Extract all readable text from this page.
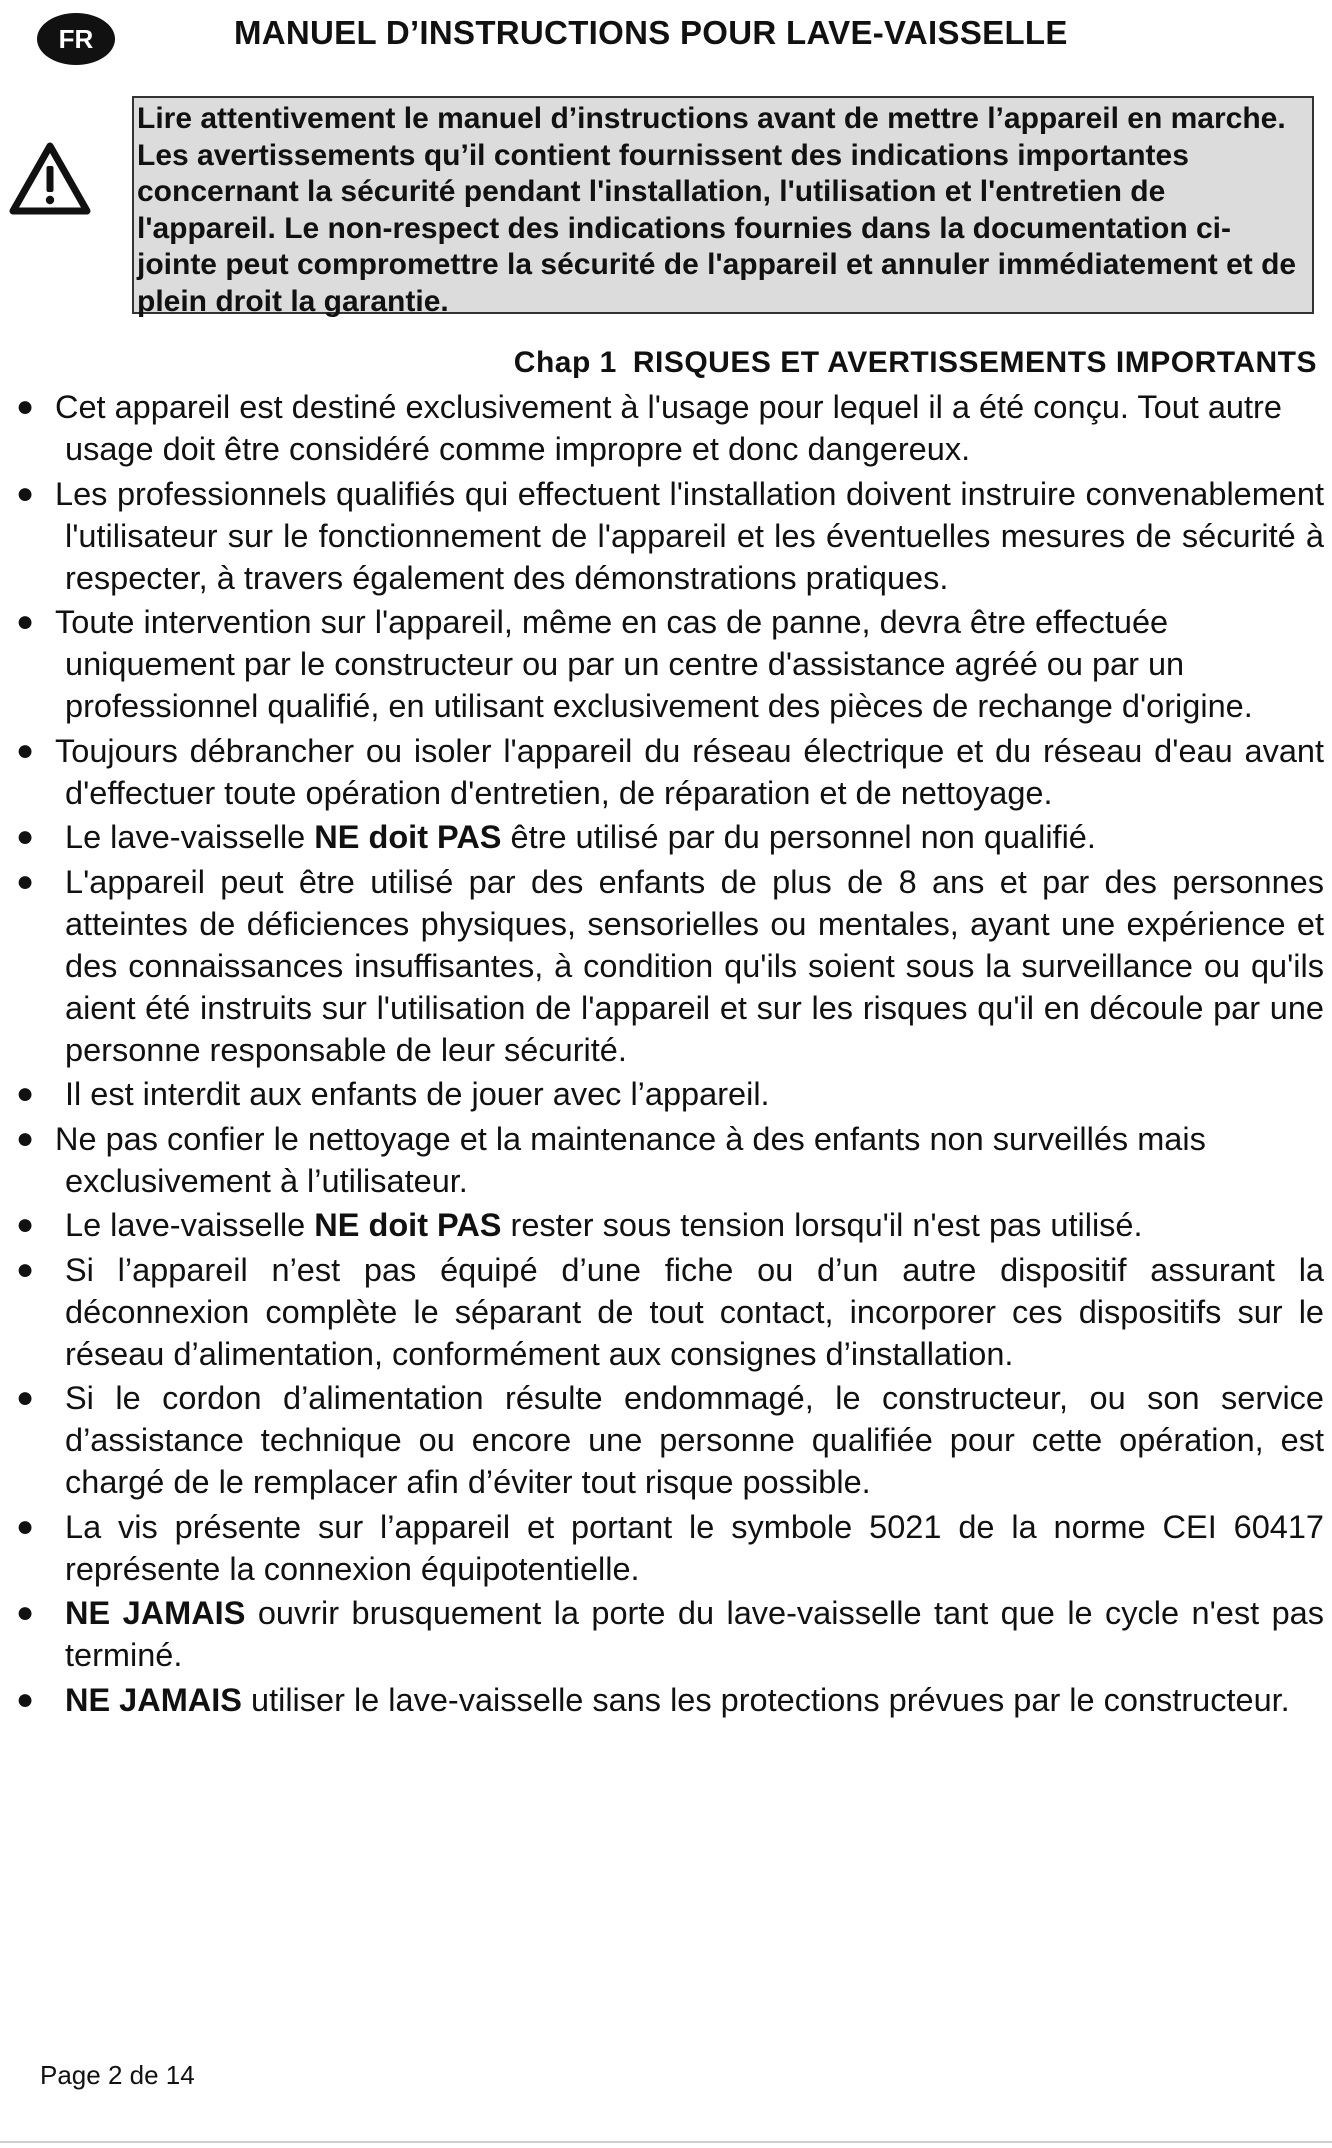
FR	MANUEL D’INSTRUCTIONS POUR LAVE-VAISSELLE
Lire attentivement le manuel d’instructions avant de mettre l’appareil en marche. Les avertissements qu’il contient fournissent des indications importantes concernant la sécurité pendant l'installation, l'utilisation et l'entretien de l'appareil. Le non-respect des indications fournies dans la documentation ci-jointe peut compromettre la sécurité de l'appareil et annuler immédiatement et de plein droit la garantie.
Chap 1 RISQUES ET AVERTISSEMENTS IMPORTANTS
● Cet appareil est destiné exclusivement à l'usage pour lequel il a été conçu. Tout autre usage doit être considéré comme impropre et donc dangereux.
● Les professionnels qualifiés qui effectuent l'installation doivent instruire convenablement l'utilisateur sur le fonctionnement de l'appareil et les éventuelles mesures de sécurité à respecter, à travers également des démonstrations pratiques.
● Toute intervention sur l'appareil, même en cas de panne, devra être effectuée uniquement par le constructeur ou par un centre d'assistance agréé ou par un professionnel qualifié, en utilisant exclusivement des pièces de rechange d'origine.
● Toujours débrancher ou isoler l'appareil du réseau électrique et du réseau d'eau avant d'effectuer toute opération d'entretien, de réparation et de nettoyage.
● Le lave-vaisselle NE doit PAS être utilisé par du personnel non qualifié.
● L'appareil peut être utilisé par des enfants de plus de 8 ans et par des personnes atteintes de déficiences physiques, sensorielles ou mentales, ayant une expérience et des connaissances insuffisantes, à condition qu'ils soient sous la surveillance ou qu'ils aient été instruits sur l'utilisation de l'appareil et sur les risques qu'il en découle par une personne responsable de leur sécurité.
● Il est interdit aux enfants de jouer avec l’appareil.
● Ne pas confier le nettoyage et la maintenance à des enfants non surveillés mais exclusivement à l’utilisateur.
● Le lave-vaisselle NE doit PAS rester sous tension lorsqu'il n'est pas utilisé.
● Si l’appareil n’est pas équipé d’une fiche ou d’un autre dispositif assurant la déconnexion complète le séparant de tout contact, incorporer ces dispositifs sur le réseau d’alimentation, conformément aux consignes d’installation.
● Si le cordon d’alimentation résulte endommagé, le constructeur, ou son service d’assistance technique ou encore une personne qualifiée pour cette opération, est chargé de le remplacer afin d’éviter tout risque possible.
● La vis présente sur l’appareil et portant le symbole 5021 de la norme CEI 60417 représente la connexion équipotentielle.
● NE JAMAIS ouvrir brusquement la porte du lave-vaisselle tant que le cycle n'est pas terminé.
● NE JAMAIS utiliser le lave-vaisselle sans les protections prévues par le constructeur.
Page 2 de 14
